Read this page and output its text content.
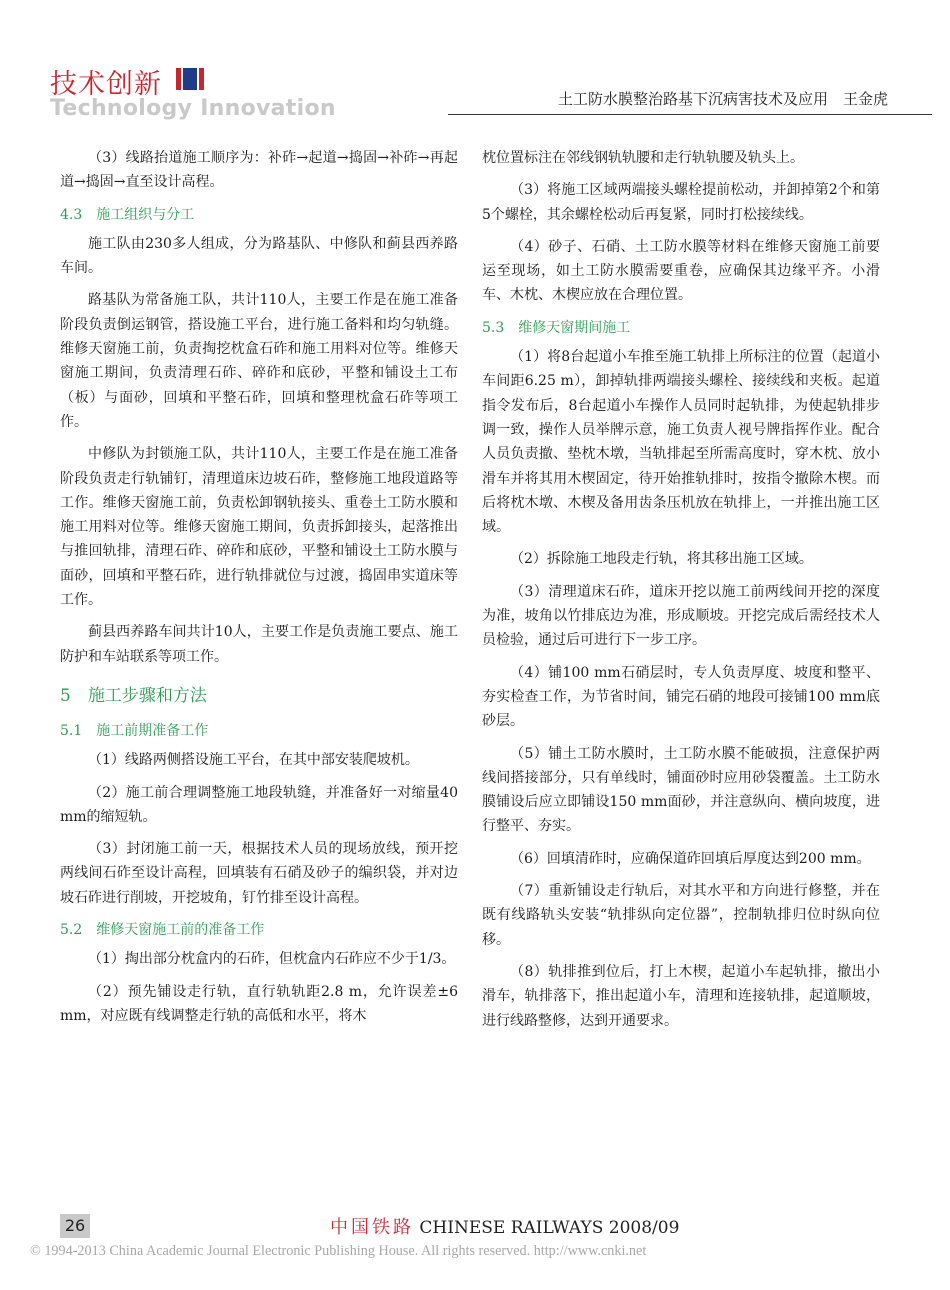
技术创新
Technology Innovation	土工防水膜整治路基下沉病害技术及应用　王金虎

（3）线路抬道施工顺序为：补砟→起道→捣固→补砟→再起道→捣固→直至设计高程。

4.3　施工组织与分工

施工队由230多人组成，分为路基队、中修队和蓟县西养路车间。

路基队为常备施工队，共计110人，主要工作是在施工准备阶段负责倒运钢管，搭设施工平台，进行施工备料和均匀轨缝。维修天窗施工前，负责掏挖枕盒石砟和施工用料对位等。维修天窗施工期间，负责清理石砟、碎砟和底砂，平整和铺设土工布（板）与面砂，回填和平整石砟，回填和整理枕盒石砟等项工作。

中修队为封锁施工队，共计110人，主要工作是在施工准备阶段负责走行轨铺钉，清理道床边坡石砟，整修施工地段道路等工作。维修天窗施工前，负责松卸钢轨接头、重卷土工防水膜和施工用料对位等。维修天窗施工期间，负责拆卸接头，起落推出与推回轨排，清理石砟、碎砟和底砂，平整和铺设土工防水膜与面砂，回填和平整石砟，进行轨排就位与过渡，捣固串实道床等工作。

蓟县西养路车间共计10人，主要工作是负责施工要点、施工防护和车站联系等项工作。

5　施工步骤和方法
5.1　施工前期准备工作

（1）线路两侧搭设施工平台，在其中部安装爬坡机。

（2）施工前合理调整施工地段轨缝，并准备好一对缩量40 mm的缩短轨。

（3）封闭施工前一天，根据技术人员的现场放线，预开挖两线间石砟至设计高程，回填装有石硝及砂子的编织袋，并对边坡石砟进行削坡，开挖坡角，钉竹排至设计高程。

5.2　维修天窗施工前的准备工作

（1）掏出部分枕盒内的石砟，但枕盒内石砟应不少于1/3。

（2）预先铺设走行轨，直行轨轨距2.8 m，允许误差±6 mm，对应既有线调整走行轨的高低和水平，将木

枕位置标注在邻线钢轨轨腰和走行轨轨腰及轨头上。

（3）将施工区域两端接头螺栓提前松动，并卸掉第2个和第5个螺栓，其余螺栓松动后再复紧，同时打松接续线。

（4）砂子、石硝、土工防水膜等材料在维修天窗施工前要运至现场，如土工防水膜需要重卷，应确保其边缘平齐。小滑车、木枕、木楔应放在合理位置。

5.3　维修天窗期间施工

（1）将8台起道小车推至施工轨排上所标注的位置（起道小车间距6.25 m），卸掉轨排两端接头螺栓、接续线和夹板。起道指令发布后，8台起道小车操作人员同时起轨排，为使起轨排步调一致，操作人员举牌示意，施工负责人视号牌指挥作业。配合人员负责撤、垫枕木墩，当轨排起至所需高度时，穿木枕、放小滑车并将其用木楔固定，待开始推轨排时，按指令撤除木楔。而后将枕木墩、木楔及备用齿条压机放在轨排上，一并推出施工区域。

（2）拆除施工地段走行轨，将其移出施工区域。

（3）清理道床石砟，道床开挖以施工前两线间开挖的深度为准，坡角以竹排底边为准，形成顺坡。开挖完成后需经技术人员检验，通过后可进行下一步工序。

（4）铺100 mm石硝层时，专人负责厚度、坡度和整平、夯实检查工作，为节省时间，铺完石硝的地段可接铺100 mm底砂层。

（5）铺土工防水膜时，土工防水膜不能破损，注意保护两线间搭接部分，只有单线时，铺面砂时应用砂袋覆盖。土工防水膜铺设后应立即铺设150 mm面砂，并注意纵向、横向坡度，进行整平、夯实。

（6）回填清砟时，应确保道砟回填后厚度达到200 mm。

（7）重新铺设走行轨后，对其水平和方向进行修整，并在既有线路轨头安装“轨排纵向定位器”，控制轨排归位时纵向位移。

（8）轨排推到位后，打上木楔，起道小车起轨排，撤出小滑车，轨排落下，推出起道小车，清理和连接轨排，起道顺坡，进行线路整修，达到开通要求。

26	中国铁路 CHINESE RAILWAYS 2008/09
© 1994-2013 China Academic Journal Electronic Publishing House. All rights reserved. http://www.cnki.net
